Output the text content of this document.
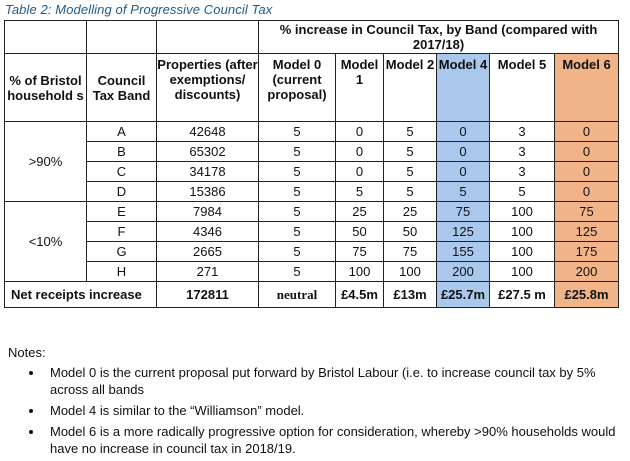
Table 2: Modelling of Progressive Council Tax
			% increase in Council Tax, by Band (compared with 2017/18)					
% of Bristol household s	Council Tax Band	Properties (after exemptions/ discounts)	Model 0 (current proposal)	Model 1	Model 2	Model 4	Model 5	Model 6
>90%	A	42648	5	0	5	0	3	0
	B	65302	5	0	5	0	3	0
	C	34178	5	0	5	0	3	0
	D	15386	5	5	5	5	5	0
<10%	E	7984	5	25	25	75	100	75
	F	4346	5	50	50	125	100	125
	G	2665	5	75	75	155	100	175
	H	271	5	100	100	200	100	200
Net receipts increase		172811	neutral	£4.5m	£13m	£25.7m	£27.5 m	£25.8m
Notes:
• Model 0 is the current proposal put forward by Bristol Labour (i.e. to increase council tax by 5% across all bands
• Model 4 is similar to the “Williamson” model.
• Model 6 is a more radically progressive option for consideration, whereby >90% households would have no increase in council tax in 2018/19.
